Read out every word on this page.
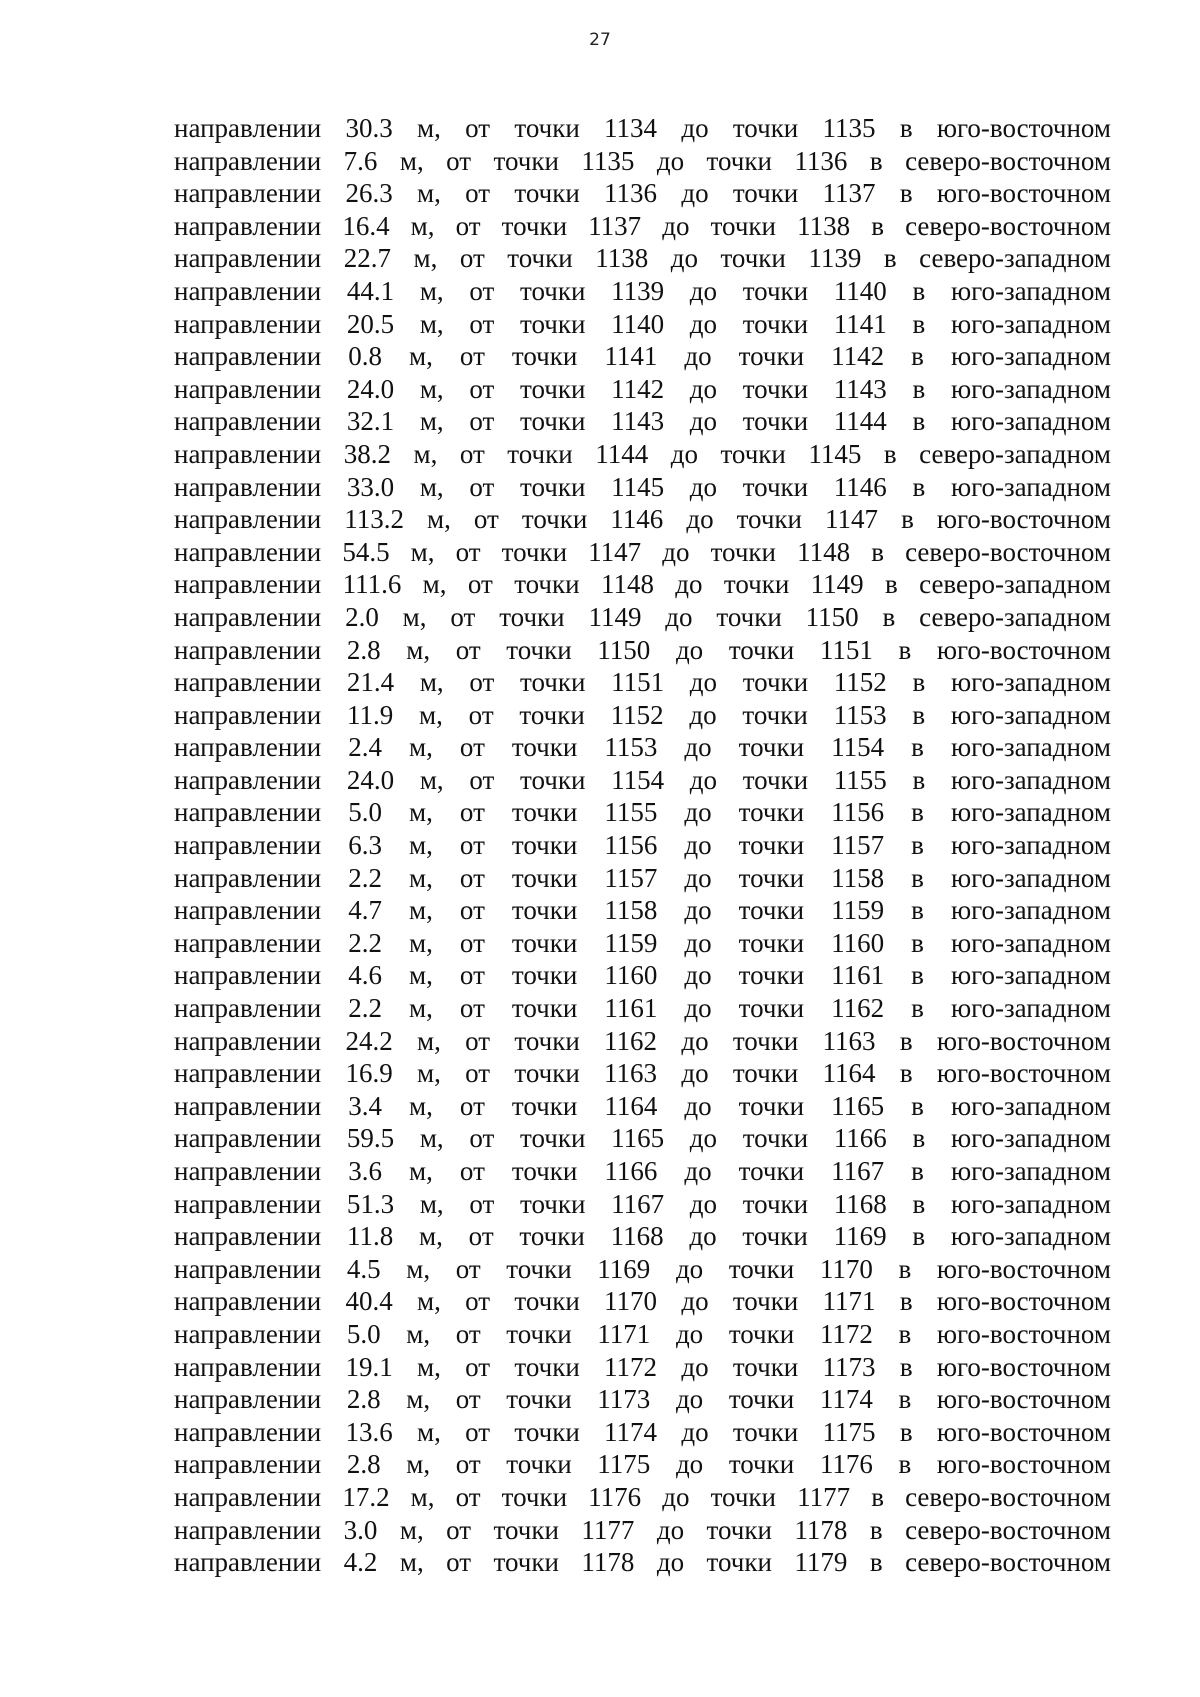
27
направлении 30.3 м, от точки 1134 до точки 1135 в юго-восточном
направлении 7.6 м, от точки 1135 до точки 1136 в северо-восточном
направлении 26.3 м, от точки 1136 до точки 1137 в юго-восточном
направлении 16.4 м, от точки 1137 до точки 1138 в северо-восточном
направлении 22.7 м, от точки 1138 до точки 1139 в северо-западном
направлении 44.1 м, от точки 1139 до точки 1140 в юго-западном
направлении 20.5 м, от точки 1140 до точки 1141 в юго-западном
направлении 0.8 м, от точки 1141 до точки 1142 в юго-западном
направлении 24.0 м, от точки 1142 до точки 1143 в юго-западном
направлении 32.1 м, от точки 1143 до точки 1144 в юго-западном
направлении 38.2 м, от точки 1144 до точки 1145 в северо-западном
направлении 33.0 м, от точки 1145 до точки 1146 в юго-западном
направлении 113.2 м, от точки 1146 до точки 1147 в юго-восточном
направлении 54.5 м, от точки 1147 до точки 1148 в северо-восточном
направлении 111.6 м, от точки 1148 до точки 1149 в северо-западном
направлении 2.0 м, от точки 1149 до точки 1150 в северо-западном
направлении 2.8 м, от точки 1150 до точки 1151 в юго-восточном
направлении 21.4 м, от точки 1151 до точки 1152 в юго-западном
направлении 11.9 м, от точки 1152 до точки 1153 в юго-западном
направлении 2.4 м, от точки 1153 до точки 1154 в юго-западном
направлении 24.0 м, от точки 1154 до точки 1155 в юго-западном
направлении 5.0 м, от точки 1155 до точки 1156 в юго-западном
направлении 6.3 м, от точки 1156 до точки 1157 в юго-западном
направлении 2.2 м, от точки 1157 до точки 1158 в юго-западном
направлении 4.7 м, от точки 1158 до точки 1159 в юго-западном
направлении 2.2 м, от точки 1159 до точки 1160 в юго-западном
направлении 4.6 м, от точки 1160 до точки 1161 в юго-западном
направлении 2.2 м, от точки 1161 до точки 1162 в юго-западном
направлении 24.2 м, от точки 1162 до точки 1163 в юго-восточном
направлении 16.9 м, от точки 1163 до точки 1164 в юго-восточном
направлении 3.4 м, от точки 1164 до точки 1165 в юго-западном
направлении 59.5 м, от точки 1165 до точки 1166 в юго-западном
направлении 3.6 м, от точки 1166 до точки 1167 в юго-западном
направлении 51.3 м, от точки 1167 до точки 1168 в юго-западном
направлении 11.8 м, от точки 1168 до точки 1169 в юго-западном
направлении 4.5 м, от точки 1169 до точки 1170 в юго-восточном
направлении 40.4 м, от точки 1170 до точки 1171 в юго-восточном
направлении 5.0 м, от точки 1171 до точки 1172 в юго-восточном
направлении 19.1 м, от точки 1172 до точки 1173 в юго-восточном
направлении 2.8 м, от точки 1173 до точки 1174 в юго-восточном
направлении 13.6 м, от точки 1174 до точки 1175 в юго-восточном
направлении 2.8 м, от точки 1175 до точки 1176 в юго-восточном
направлении 17.2 м, от точки 1176 до точки 1177 в северо-восточном
направлении 3.0 м, от точки 1177 до точки 1178 в северо-восточном
направлении 4.2 м, от точки 1178 до точки 1179 в северо-восточном
